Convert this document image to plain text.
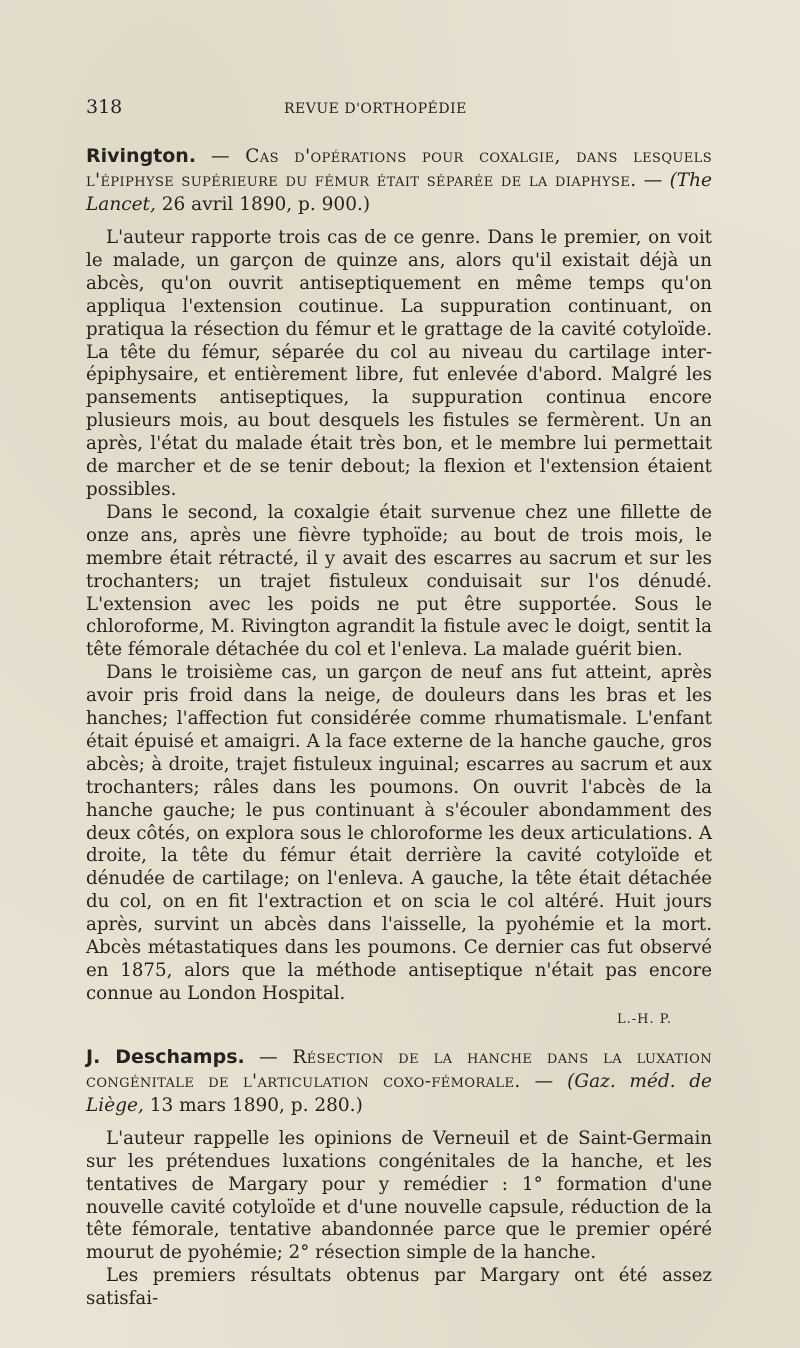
318	REVUE D'ORTHOPÉDIE

Rivington. — Cas d'opérations pour coxalgie, dans lesquels l'épiphyse supérieure du fémur était séparée de la diaphyse. — (The Lancet, 26 avril 1890, p. 900.)

L'auteur rapporte trois cas de ce genre. Dans le premier, on voit le malade, un garçon de quinze ans, alors qu'il existait déjà un abcès, qu'on ouvrit antiseptiquement en même temps qu'on appliqua l'extension coutinue. La suppuration continuant, on pratiqua la résection du fémur et le grattage de la cavité cotyloïde. La tête du fémur, séparée du col au niveau du cartilage inter-épiphysaire, et entièrement libre, fut enlevée d'abord. Malgré les pansements antiseptiques, la suppuration continua encore plusieurs mois, au bout desquels les fistules se fermèrent. Un an après, l'état du malade était très bon, et le membre lui permettait de marcher et de se tenir debout; la flexion et l'extension étaient possibles.

Dans le second, la coxalgie était survenue chez une fillette de onze ans, après une fièvre typhoïde; au bout de trois mois, le membre était rétracté, il y avait des escarres au sacrum et sur les trochanters; un trajet fistuleux conduisait sur l'os dénudé. L'extension avec les poids ne put être supportée. Sous le chloroforme, M. Rivington agrandit la fistule avec le doigt, sentit la tête fémorale détachée du col et l'enleva. La malade guérit bien.

Dans le troisième cas, un garçon de neuf ans fut atteint, après avoir pris froid dans la neige, de douleurs dans les bras et les hanches; l'affection fut considérée comme rhumatismale. L'enfant était épuisé et amaigri. A la face externe de la hanche gauche, gros abcès; à droite, trajet fistuleux inguinal; escarres au sacrum et aux trochanters; râles dans les poumons. On ouvrit l'abcès de la hanche gauche; le pus continuant à s'écouler abondamment des deux côtés, on explora sous le chloroforme les deux articulations. A droite, la tête du fémur était derrière la cavité cotyloïde et dénudée de cartilage; on l'enleva. A gauche, la tête était détachée du col, on en fit l'extraction et on scia le col altéré. Huit jours après, survint un abcès dans l'aisselle, la pyohémie et la mort. Abcès métastatiques dans les poumons. Ce dernier cas fut observé en 1875, alors que la méthode antiseptique n'était pas encore connue au London Hospital.

L.-H. P.

J. Deschamps. — Résection de la hanche dans la luxation congénitale de l'articulation coxo-fémorale. — (Gaz. méd. de Liège, 13 mars 1890, p. 280.)

L'auteur rappelle les opinions de Verneuil et de Saint-Germain sur les prétendues luxations congénitales de la hanche, et les tentatives de Margary pour y remédier : 1° formation d'une nouvelle cavité cotyloïde et d'une nouvelle capsule, réduction de la tête fémorale, tentative abandonnée parce que le premier opéré mourut de pyohémie; 2° résection simple de la hanche.

Les premiers résultats obtenus par Margary ont été assez satisfai-
